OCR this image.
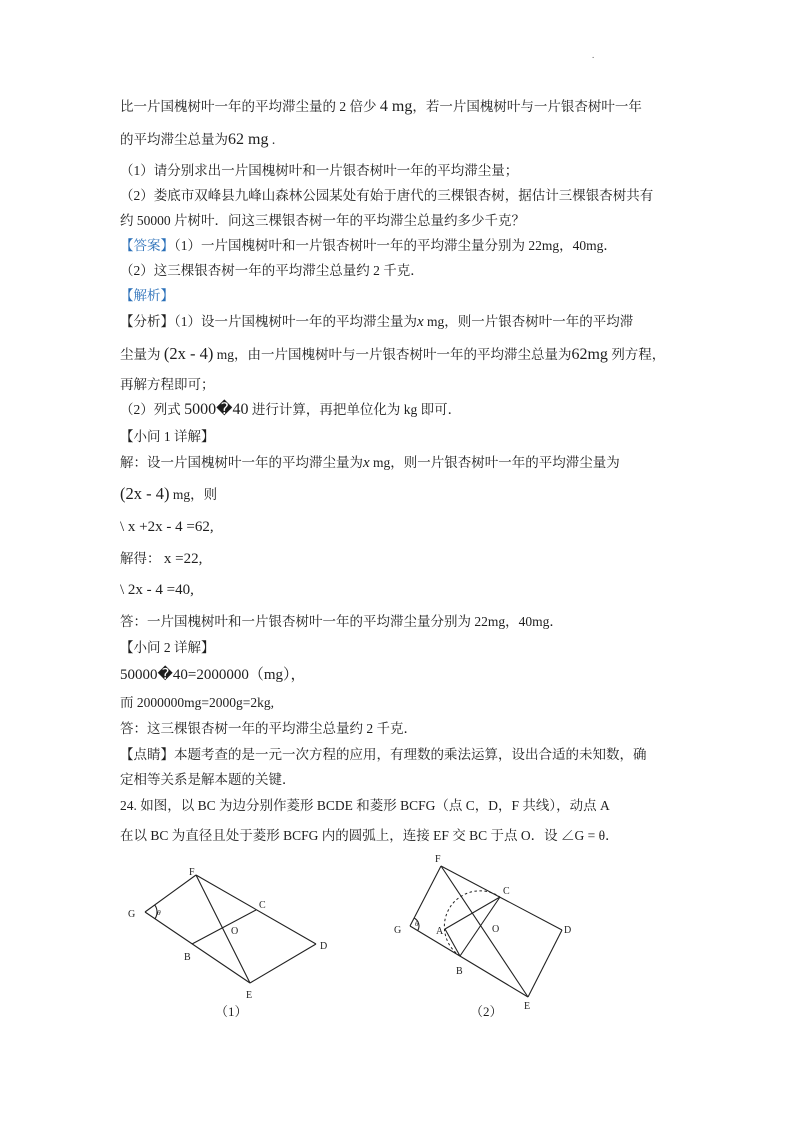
.
比一片国槐树叶一年的平均滞尘量的 2 倍少 4 mg，若一片国槐树叶与一片银杏树叶一年
的平均滞尘总量为62 mg .
（1）请分别求出一片国槐树叶和一片银杏树叶一年的平均滞尘量；
（2）娄底市双峰县九峰山森林公园某处有始于唐代的三棵银杏树，据估计三棵银杏树共有
约 50000 片树叶．问这三棵银杏树一年的平均滞尘总量约多少千克？
【答案】（1）一片国槐树叶和一片银杏树叶一年的平均滞尘量分别为 22mg，40mg．
（2）这三棵银杏树一年的平均滞尘总量约 2 千克．
【解析】
【分析】（1）设一片国槐树叶一年的平均滞尘量为x mg，则一片银杏树叶一年的平均滞
尘量为 (2x - 4) mg，由一片国槐树叶与一片银杏树叶一年的平均滞尘总量为62mg 列方程，
再解方程即可；
（2）列式 5000�40 进行计算，再把单位化为 kg 即可．
【小问 1 详解】
解：设一片国槐树叶一年的平均滞尘量为x mg，则一片银杏树叶一年的平均滞尘量为
(2x - 4) mg，则
\ x +2x - 4 =62,
解得： x =22,
\ 2x - 4 =40,
答：一片国槐树叶和一片银杏树叶一年的平均滞尘量分别为 22mg，40mg．
【小问 2 详解】
50000�40=2000000（mg），
而 2000000mg=2000g=2kg,
答：这三棵银杏树一年的平均滞尘总量约 2 千克．
【点睛】本题考查的是一元一次方程的应用，有理数的乘法运算，设出合适的未知数，确
定相等关系是解本题的关键．
24. 如图，以 BC 为边分别作菱形 BCDE 和菱形 BCFG（点 C，D，F 共线），动点 A
在以 BC 为直径且处于菱形 BCFG 内的圆弧上，连接 EF 交 BC 于点 O．设 ∠G = θ．
F
C
O
D
E
B
G	θ
（1）
F
C
D
O
A
B
E
G
θ
（2）
